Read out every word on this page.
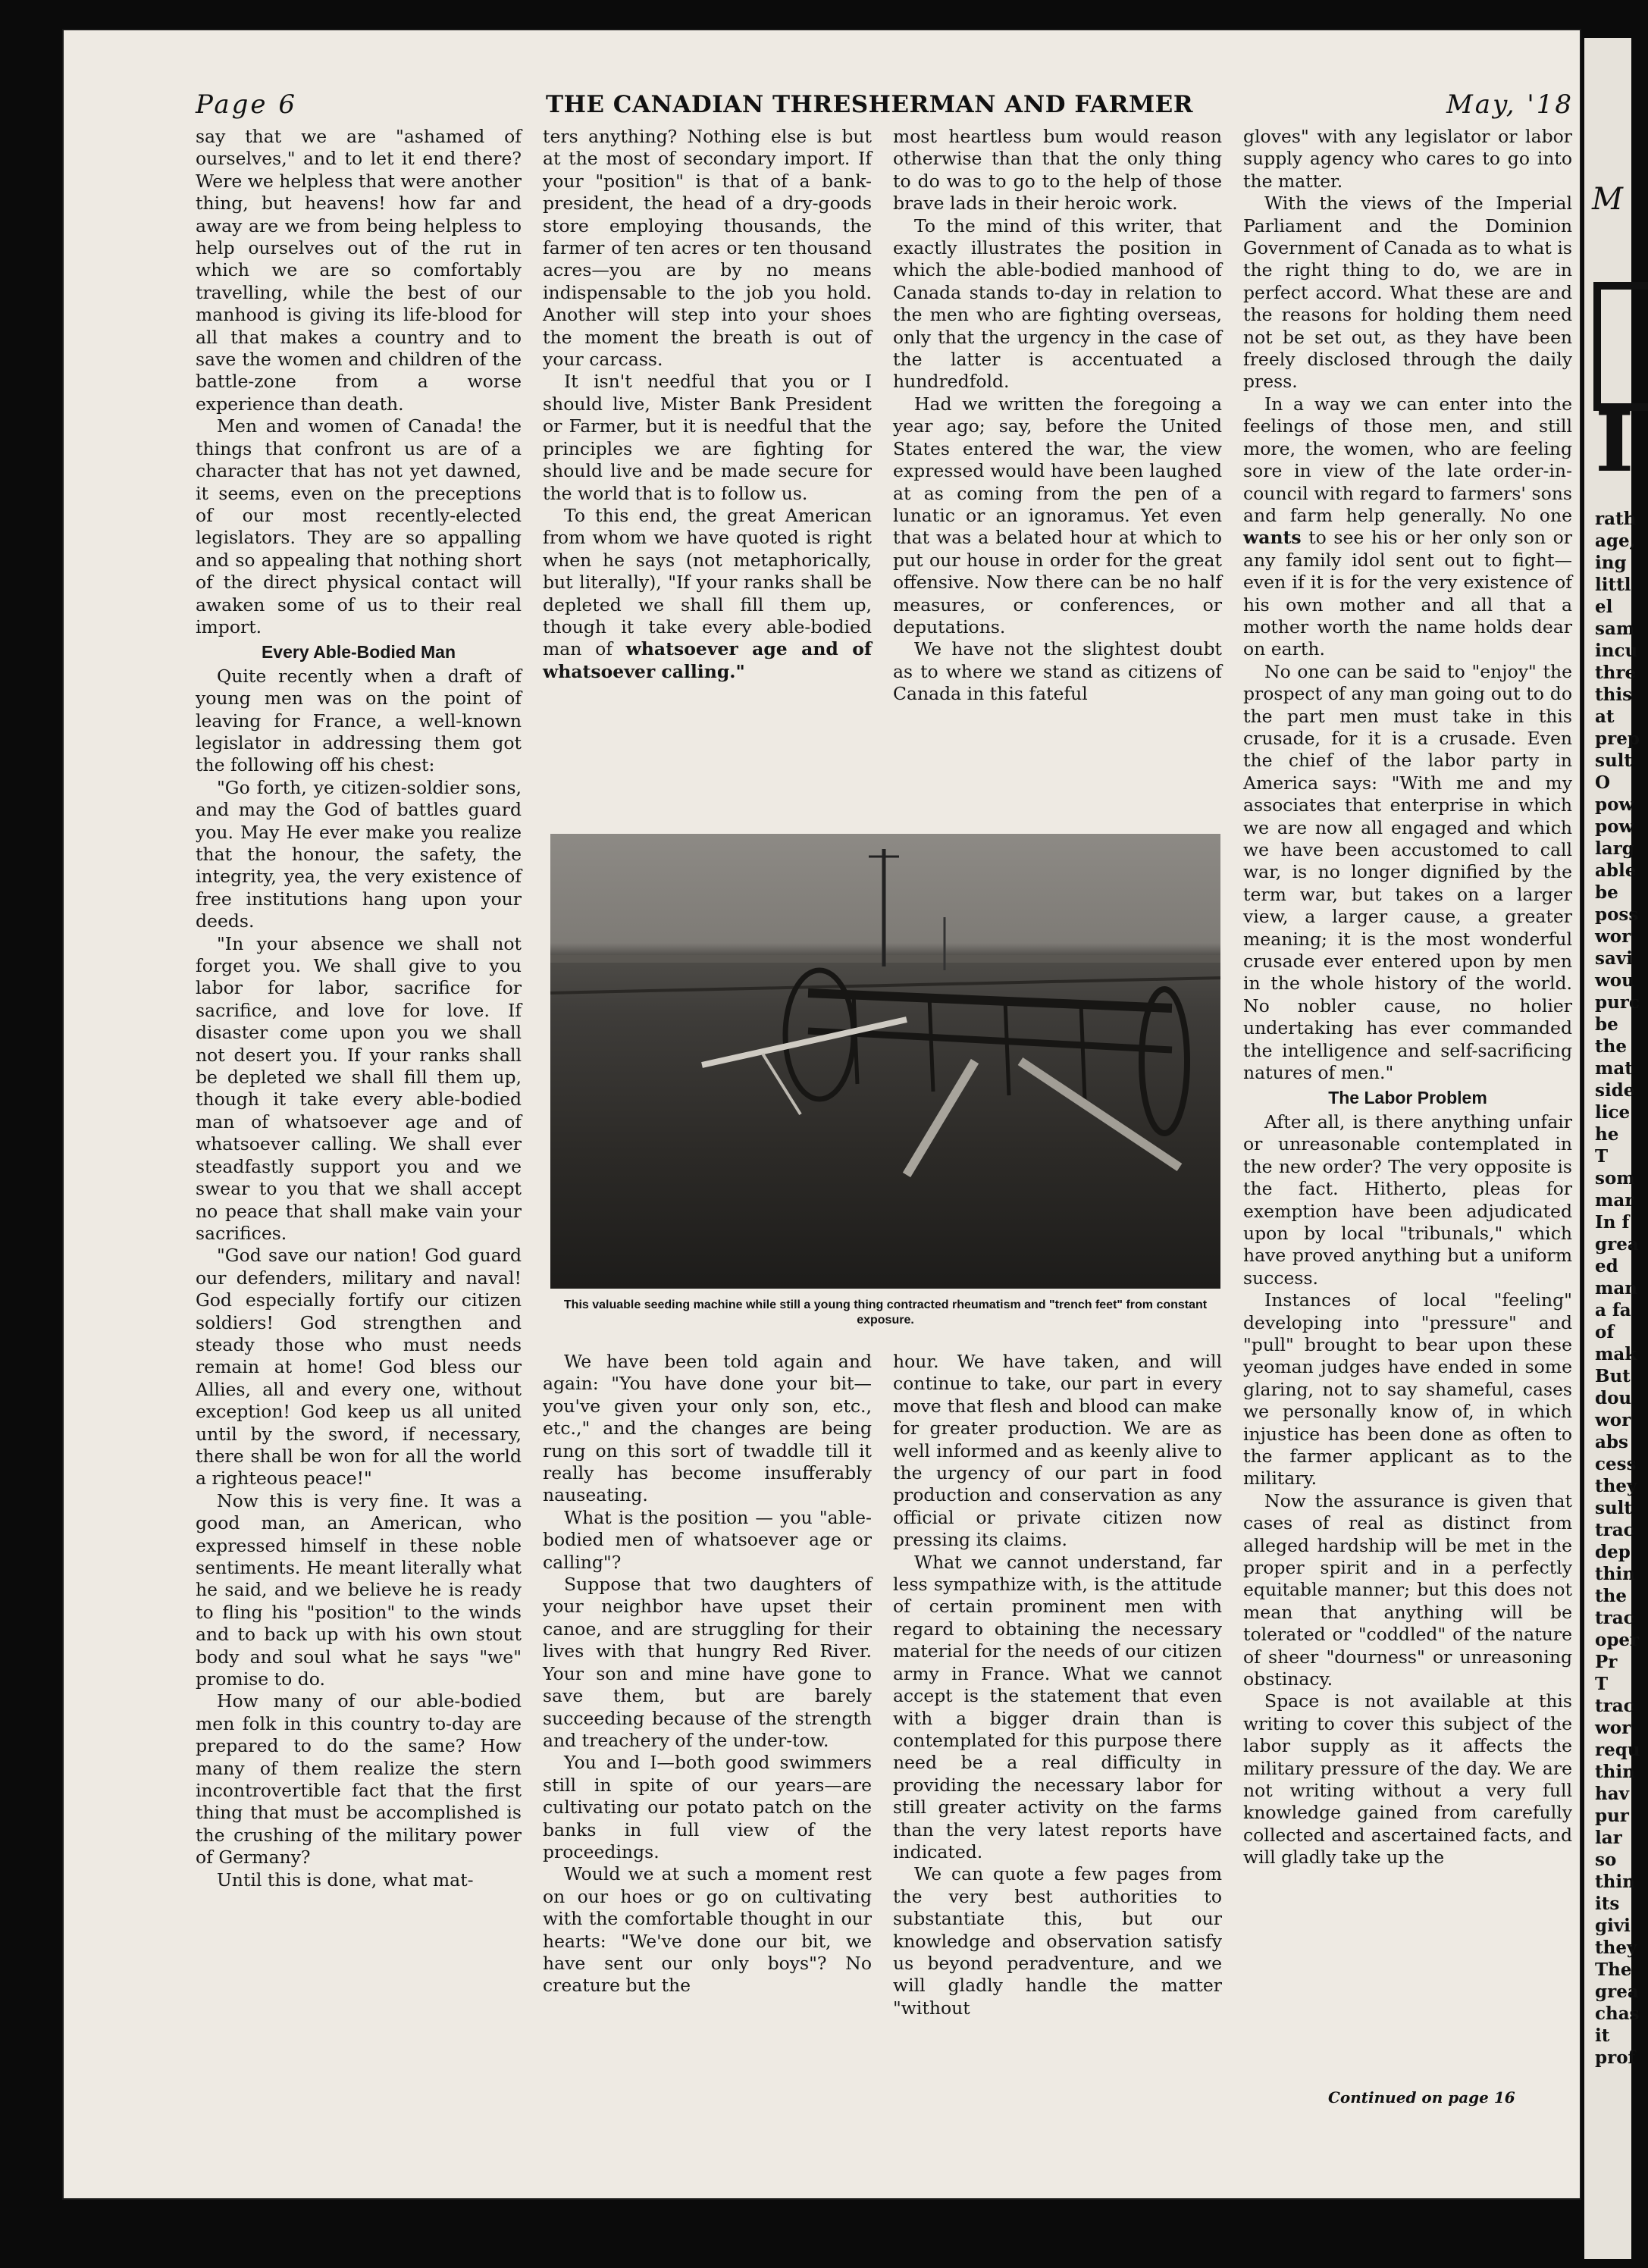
M
I
rath
age,
ing
littl
el
sam
incu
thre
this
at
prep
sult
O
pow
pow
larg
able
be
poss
wor
savi
wou
purc
be
the
mat
side
lice
he
T
som
mar
In f
grea
ed
man
a fa
of
mak
But
dou
wor
abs
cess
they
sult
trac
dep
thin
the
trac
oper
Pr
T
trac
wor
requ
thin
hav
pur
lar
so
thin
its
givi
they
The
grea
chas
it
prof
Page 6	THE CANADIAN THRESHERMAN AND FARMER	May, '18

say that we are "ashamed of ourselves," and to let it end there? Were we helpless that were another thing, but heavens! how far and away are we from being helpless to help ourselves out of the rut in which we are so comfortably travelling, while the best of our manhood is giving its life-blood for all that makes a country and to save the women and children of the battle-zone from a worse experience than death.

Men and women of Canada! the things that confront us are of a character that has not yet dawned, it seems, even on the preceptions of our most recently-elected legislators. They are so appalling and so appealing that nothing short of the direct physical contact will awaken some of us to their real import.

Every Able-Bodied Man

Quite recently when a draft of young men was on the point of leaving for France, a well-known legislator in addressing them got the following off his chest:

"Go forth, ye citizen-soldier sons, and may the God of battles guard you. May He ever make you realize that the honour, the safety, the integrity, yea, the very existence of free institutions hang upon your deeds.

"In your absence we shall not forget you. We shall give to you labor for labor, sacrifice for sacrifice, and love for love. If disaster come upon you we shall not desert you. If your ranks shall be depleted we shall fill them up, though it take every able-bodied man of whatsoever age and of whatsoever calling. We shall ever steadfastly support you and we swear to you that we shall accept no peace that shall make vain your sacrifices.

"God save our nation! God guard our defenders, military and naval! God especially fortify our citizen soldiers! God strengthen and steady those who must needs remain at home! God bless our Allies, all and every one, without exception! God keep us all united until by the sword, if necessary, there shall be won for all the world a righteous peace!"

Now this is very fine. It was a good man, an American, who expressed himself in these noble sentiments. He meant literally what he said, and we believe he is ready to fling his "position" to the winds and to back up with his own stout body and soul what he says "we" promise to do.

How many of our able-bodied men folk in this country to-day are prepared to do the same? How many of them realize the stern incontrovertible fact that the first thing that must be accomplished is the crushing of the military power of Germany?

Until this is done, what mat-

ters anything? Nothing else is but at the most of secondary import. If your "position" is that of a bank-president, the head of a dry-goods store employing thousands, the farmer of ten acres or ten thousand acres—you are by no means indispensable to the job you hold. Another will step into your shoes the moment the breath is out of your carcass.

It isn't needful that you or I should live, Mister Bank President or Farmer, but it is needful that the principles we are fighting for should live and be made secure for the world that is to follow us.

To this end, the great American from whom we have quoted is right when he says (not metaphorically, but literally), "If your ranks shall be depleted we shall fill them up, though it take every able-bodied man of whatsoever age and of whatsoever calling."

most heartless bum would reason otherwise than that the only thing to do was to go to the help of those brave lads in their heroic work.

To the mind of this writer, that exactly illustrates the position in which the able-bodied manhood of Canada stands to-day in relation to the men who are fighting overseas, only that the urgency in the case of the latter is accentuated a hundredfold.

Had we written the foregoing a year ago; say, before the United States entered the war, the view expressed would have been laughed at as coming from the pen of a lunatic or an ignoramus. Yet even that was a belated hour at which to put our house in order for the great offensive. Now there can be no half measures, or conferences, or deputations.

We have not the slightest doubt as to where we stand as citizens of Canada in this fateful

This valuable seeding machine while still a young thing contracted rheumatism and "trench feet" from constant exposure.

We have been told again and again: "You have done your bit—you've given your only son, etc., etc.," and the changes are being rung on this sort of twaddle till it really has become insufferably nauseating.

What is the position — you "able-bodied men of whatsoever age or calling"?

Suppose that two daughters of your neighbor have upset their canoe, and are struggling for their lives with that hungry Red River. Your son and mine have gone to save them, but are barely succeeding because of the strength and treachery of the under-tow.

You and I—both good swimmers still in spite of our years—are cultivating our potato patch on the banks in full view of the proceedings.

Would we at such a moment rest on our hoes or go on cultivating with the comfortable thought in our hearts: "We've done our bit, we have sent our only boys"? No creature but the

hour. We have taken, and will continue to take, our part in every move that flesh and blood can make for greater production. We are as well informed and as keenly alive to the urgency of our part in food production and conservation as any official or private citizen now pressing its claims.

What we cannot understand, far less sympathize with, is the attitude of certain prominent men with regard to obtaining the necessary material for the needs of our citizen army in France. What we cannot accept is the statement that even with a bigger drain than is contemplated for this purpose there need be a real difficulty in providing the necessary labor for still greater activity on the farms than the very latest reports have indicated.

We can quote a few pages from the very best authorities to substantiate this, but our knowledge and observation satisfy us beyond peradventure, and we will gladly handle the matter "without

gloves" with any legislator or labor supply agency who cares to go into the matter.

With the views of the Imperial Parliament and the Dominion Government of Canada as to what is the right thing to do, we are in perfect accord. What these are and the reasons for holding them need not be set out, as they have been freely disclosed through the daily press.

In a way we can enter into the feelings of those men, and still more, the women, who are feeling sore in view of the late order-in-council with regard to farmers' sons and farm help generally. No one wants to see his or her only son or any family idol sent out to fight—even if it is for the very existence of his own mother and all that a mother worth the name holds dear on earth.

No one can be said to "enjoy" the prospect of any man going out to do the part men must take in this crusade, for it is a crusade. Even the chief of the labor party in America says: "With me and my associates that enterprise in which we are now all engaged and which we have been accustomed to call war, is no longer dignified by the term war, but takes on a larger view, a larger cause, a greater meaning; it is the most wonderful crusade ever entered upon by men in the whole history of the world. No nobler cause, no holier undertaking has ever commanded the intelligence and self-sacrificing natures of men."

The Labor Problem

After all, is there anything unfair or unreasonable contemplated in the new order? The very opposite is the fact. Hitherto, pleas for exemption have been adjudicated upon by local "tribunals," which have proved anything but a uniform success.

Instances of local "feeling" developing into "pressure" and "pull" brought to bear upon these yeoman judges have ended in some glaring, not to say shameful, cases we personally know of, in which injustice has been done as often to the farmer applicant as to the military.

Now the assurance is given that cases of real as distinct from alleged hardship will be met in the proper spirit and in a perfectly equitable manner; but this does not mean that anything will be tolerated or "coddled" of the nature of sheer "dourness" or unreasoning obstinacy.

Space is not available at this writing to cover this subject of the labor supply as it affects the military pressure of the day. We are not writing without a very full knowledge gained from carefully collected and ascertained facts, and will gladly take up the

Continued on page 16
